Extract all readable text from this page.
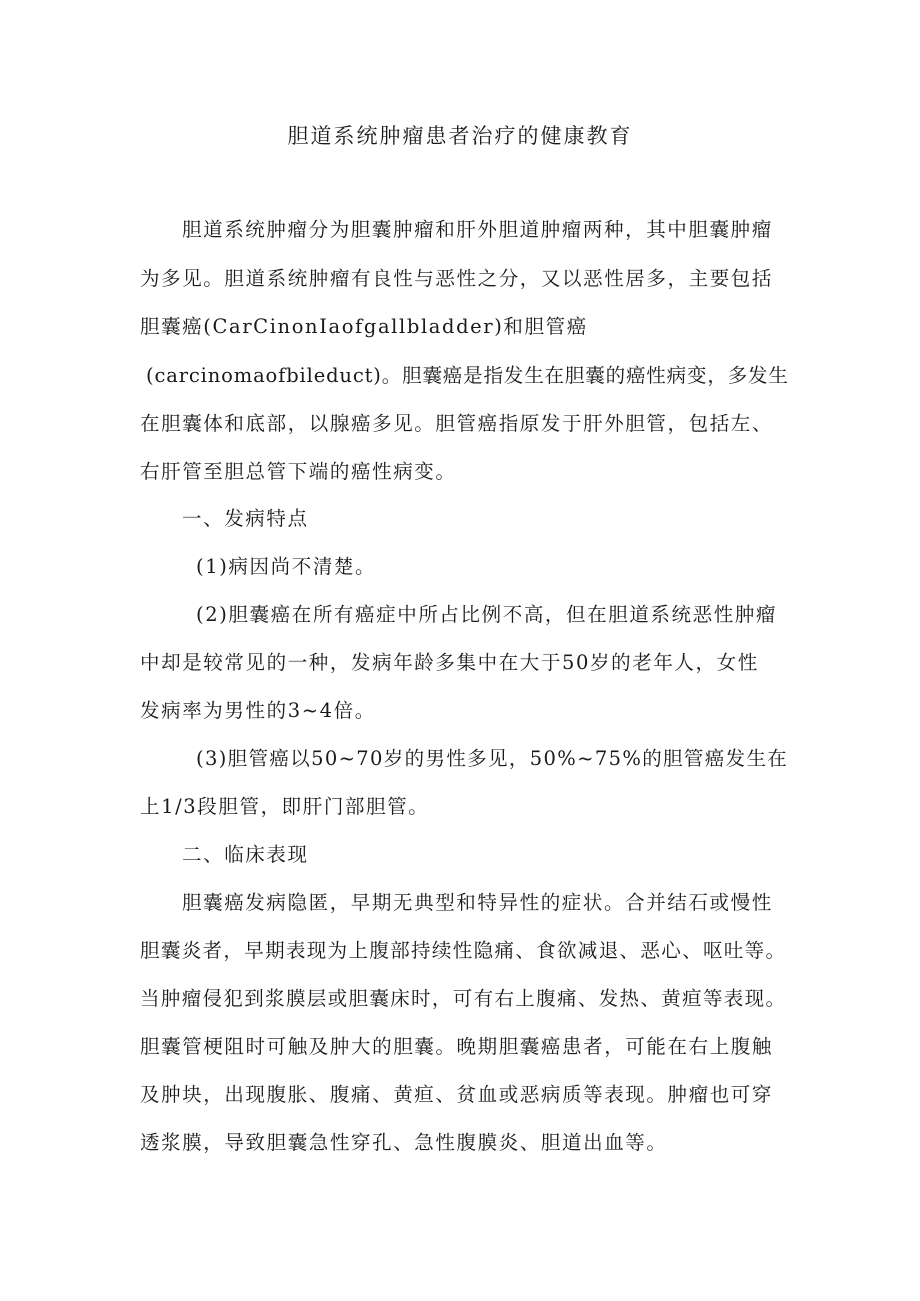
胆道系统肿瘤患者治疗的健康教育
胆道系统肿瘤分为胆囊肿瘤和肝外胆道肿瘤两种，其中胆囊肿瘤
为多见。胆道系统肿瘤有良性与恶性之分，又以恶性居多，主要包括
胆囊癌(CarCinonIaofgallbladder)和胆管癌
(carcinomaofbileduct)。胆囊癌是指发生在胆囊的癌性病变，多发生
在胆囊体和底部，以腺癌多见。胆管癌指原发于肝外胆管，包括左、
右肝管至胆总管下端的癌性病变。
一、发病特点
(1)病因尚不清楚。
(2)胆囊癌在所有癌症中所占比例不高，但在胆道系统恶性肿瘤
中却是较常见的一种，发病年龄多集中在大于50岁的老年人，女性
发病率为男性的3~4倍。
(3)胆管癌以50~70岁的男性多见，50%~75%的胆管癌发生在
上1/3段胆管，即肝门部胆管。
二、临床表现
胆囊癌发病隐匿，早期无典型和特异性的症状。合并结石或慢性
胆囊炎者，早期表现为上腹部持续性隐痛、食欲减退、恶心、呕吐等。
当肿瘤侵犯到浆膜层或胆囊床时，可有右上腹痛、发热、黄疸等表现。
胆囊管梗阻时可触及肿大的胆囊。晚期胆囊癌患者，可能在右上腹触
及肿块，出现腹胀、腹痛、黄疸、贫血或恶病质等表现。肿瘤也可穿
透浆膜，导致胆囊急性穿孔、急性腹膜炎、胆道出血等。
